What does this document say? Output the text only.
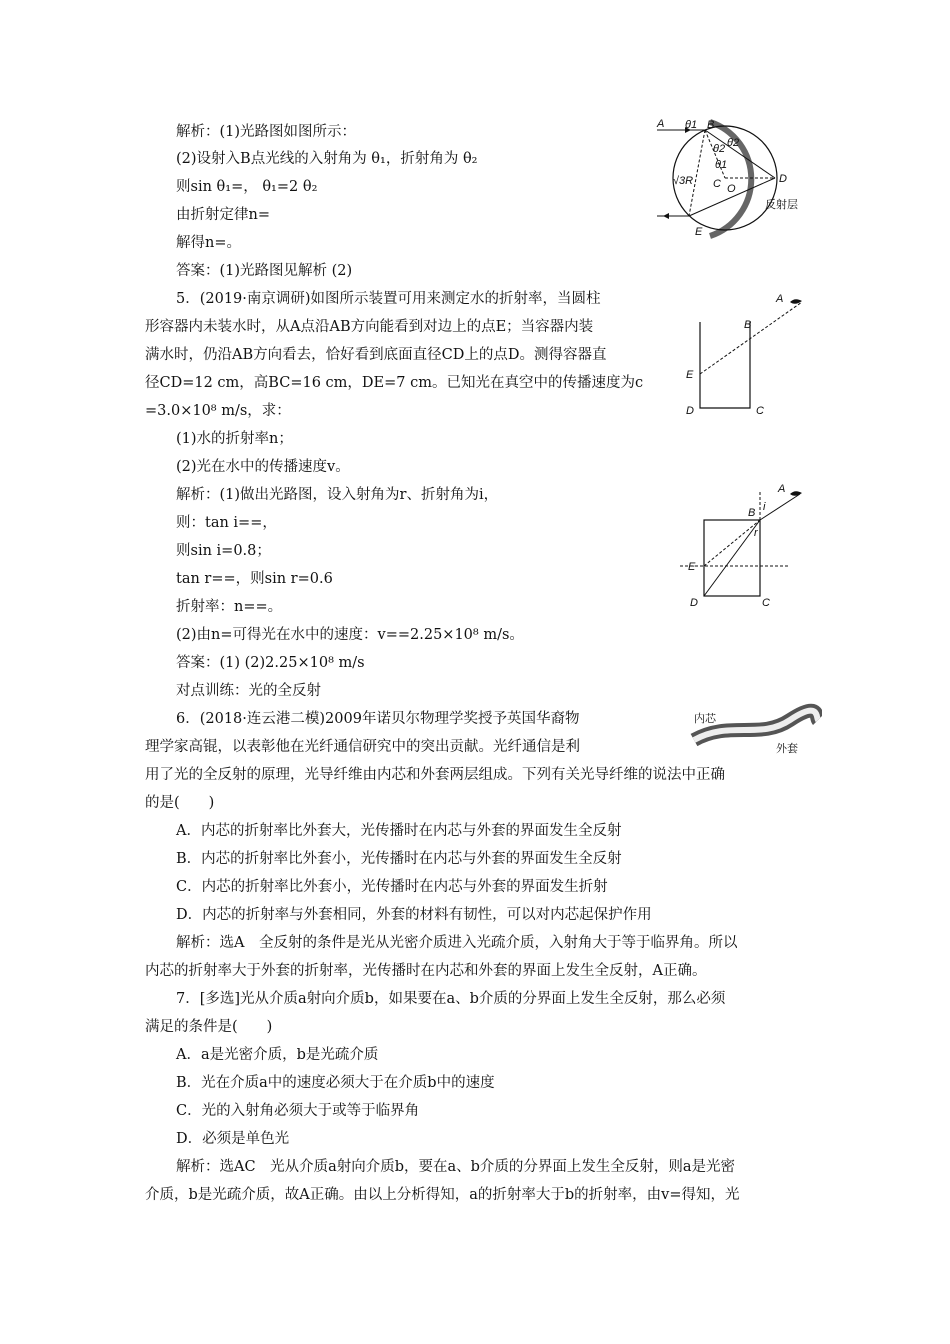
解析：(1)光路图如图所示：
(2)设射入B点光线的入射角为 θ₁，折射角为 θ₂
则sin θ₁=， θ₁=2 θ₂
由折射定律n=
解得n=。
答案：(1)光路图见解析 (2)
5．(2019·南京调研)如图所示装置可用来测定水的折射率，当圆柱
形容器内未装水时，从A点沿AB方向能看到对边上的点E；当容器内装
满水时，仍沿AB方向看去，恰好看到底面直径CD上的点D。测得容器直
径CD=12 cm，高BC=16 cm，DE=7 cm。已知光在真空中的传播速度为c
=3.0×10⁸ m/s，求：
(1)水的折射率n；
(2)光在水中的传播速度v。
解析：(1)做出光路图，设入射角为r、折射角为i，
则：tan i==，
则sin i=0.8；
tan r==，则sin r=0.6
折射率：n==。
(2)由n=可得光在水中的速度：v==2.25×10⁸ m/s。
答案：(1) (2)2.25×10⁸ m/s
对点训练：光的全反射
6．(2018·连云港二模)2009年诺贝尔物理学奖授予英国华裔物
理学家高锟，以表彰他在光纤通信研究中的突出贡献。光纤通信是利
用了光的全反射的原理，光导纤维由内芯和外套两层组成。下列有关光导纤维的说法中正确
的是(　　)
A．内芯的折射率比外套大，光传播时在内芯与外套的界面发生全反射
B．内芯的折射率比外套小，光传播时在内芯与外套的界面发生全反射
C．内芯的折射率比外套小，光传播时在内芯与外套的界面发生折射
D．内芯的折射率与外套相同，外套的材料有韧性，可以对内芯起保护作用
解析：选A　全反射的条件是光从光密介质进入光疏介质，入射角大于等于临界角。所以
内芯的折射率大于外套的折射率，光传播时在内芯和外套的界面上发生全反射，A正确。
7．[多选]光从介质a射向介质b，如果要在a、b介质的分界面上发生全反射，那么必须
满足的条件是(　　)
A．a是光密介质，b是光疏介质
B．光在介质a中的速度必须大于在介质b中的速度
C．光的入射角必须大于或等于临界角
D．必须是单色光
解析：选AC　光从介质a射向介质b，要在a、b介质的分界面上发生全反射，则a是光密
介质，b是光疏介质，故A正确。由以上分析得知，a的折射率大于b的折射率，由v=得知，光
A	B
C	D
E
O
θ1
θ1
θ2 θ2
√3R
反射层
A
B
C
D
E
A
B
C
D
E
i
r
内芯
外套
